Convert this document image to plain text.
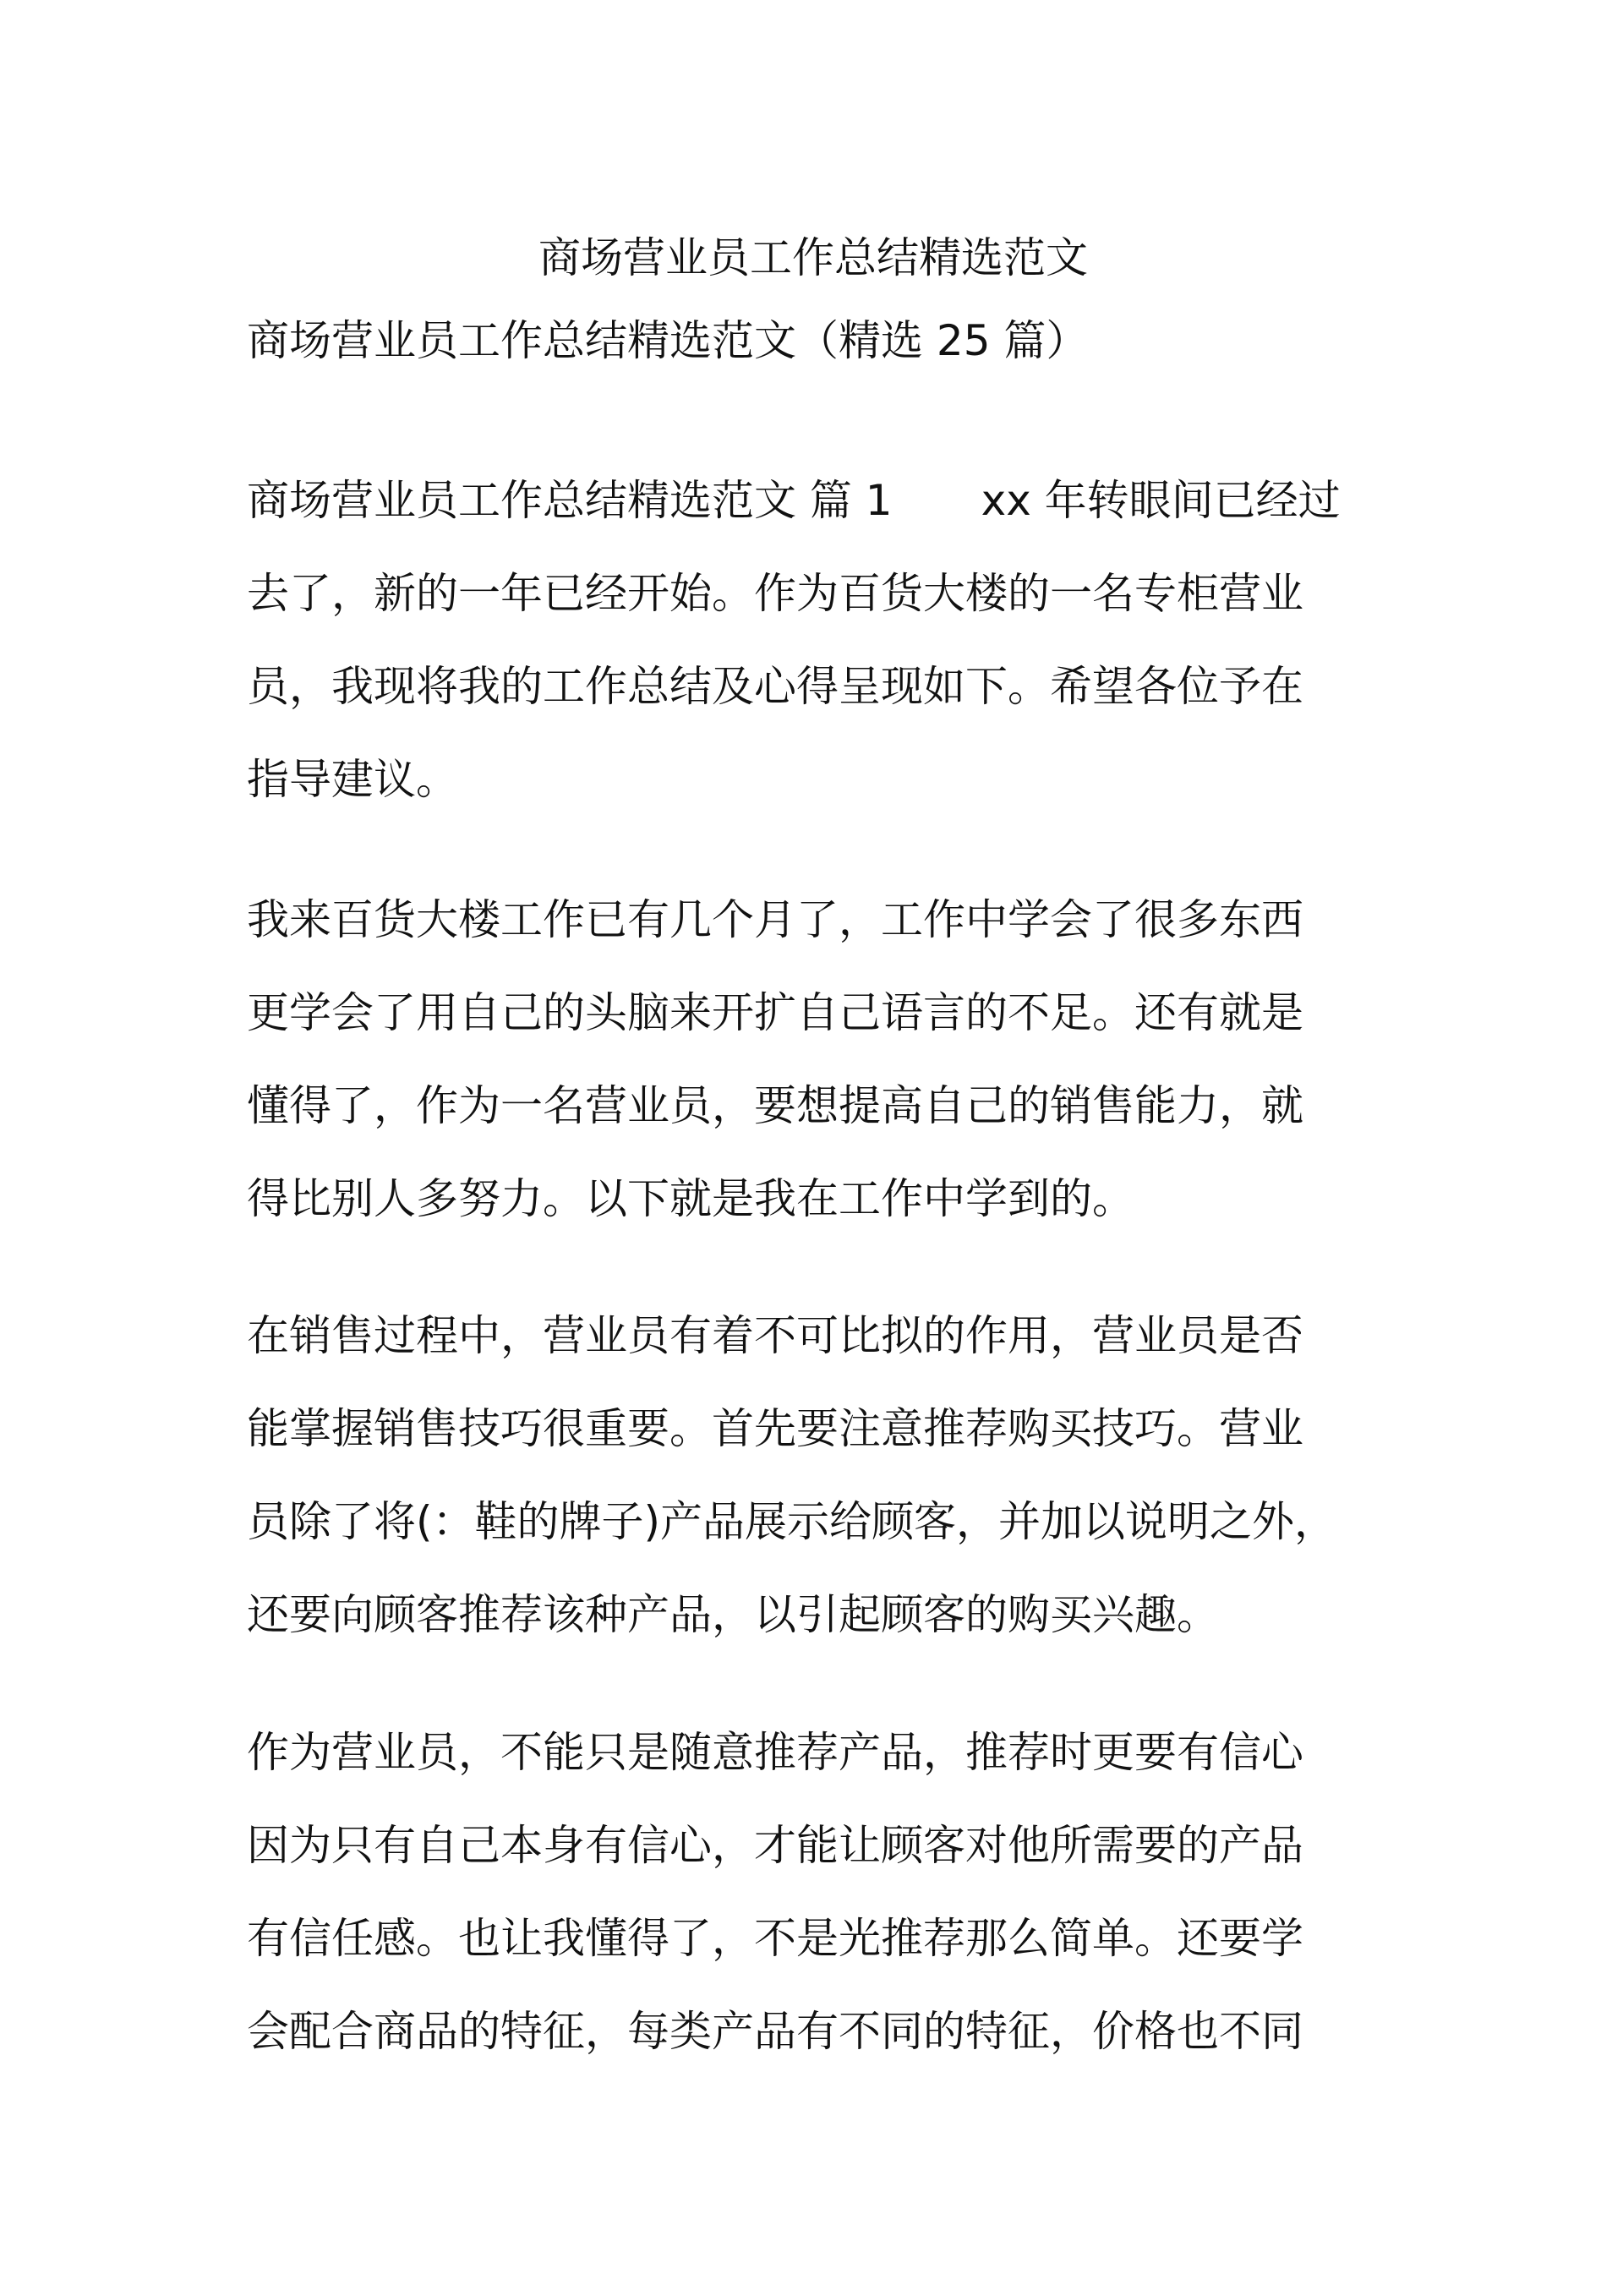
商场营业员工作总结精选范文
商场营业员工作总结精选范文（精选 25 篇）
商场营业员工作总结精选范文 篇 1 xx 年转眼间已经过
去了，新的一年已经开始。作为百货大楼的一名专柜营业
员，我现将我的工作总结及心得呈现如下。希望各位予在
指导建议。
我来百货大楼工作已有几个月了，工作中学会了很多东西
更学会了用自己的头脑来开扩自己语言的不足。还有就是
懂得了，作为一名营业员，要想提高自己的销售能力，就
得比别人多努力。以下就是我在工作中学到的。
在销售过程中，营业员有着不可比拟的作用，营业员是否
能掌握销售技巧很重要。首先要注意推荐购买技巧。营业
员除了将(：鞋的牌子)产品展示给顾客，并加以说明之外，
还要向顾客推荐该种产品，以引起顾客的购买兴趣。
作为营业员，不能只是随意推荐产品，推荐时更要有信心
因为只有自己本身有信心，才能让顾客对他所需要的产品
有信任感。也让我懂得了，不是光推荐那么简单。还要学
会配合商品的特征，每类产品有不同的特征，价格也不同
